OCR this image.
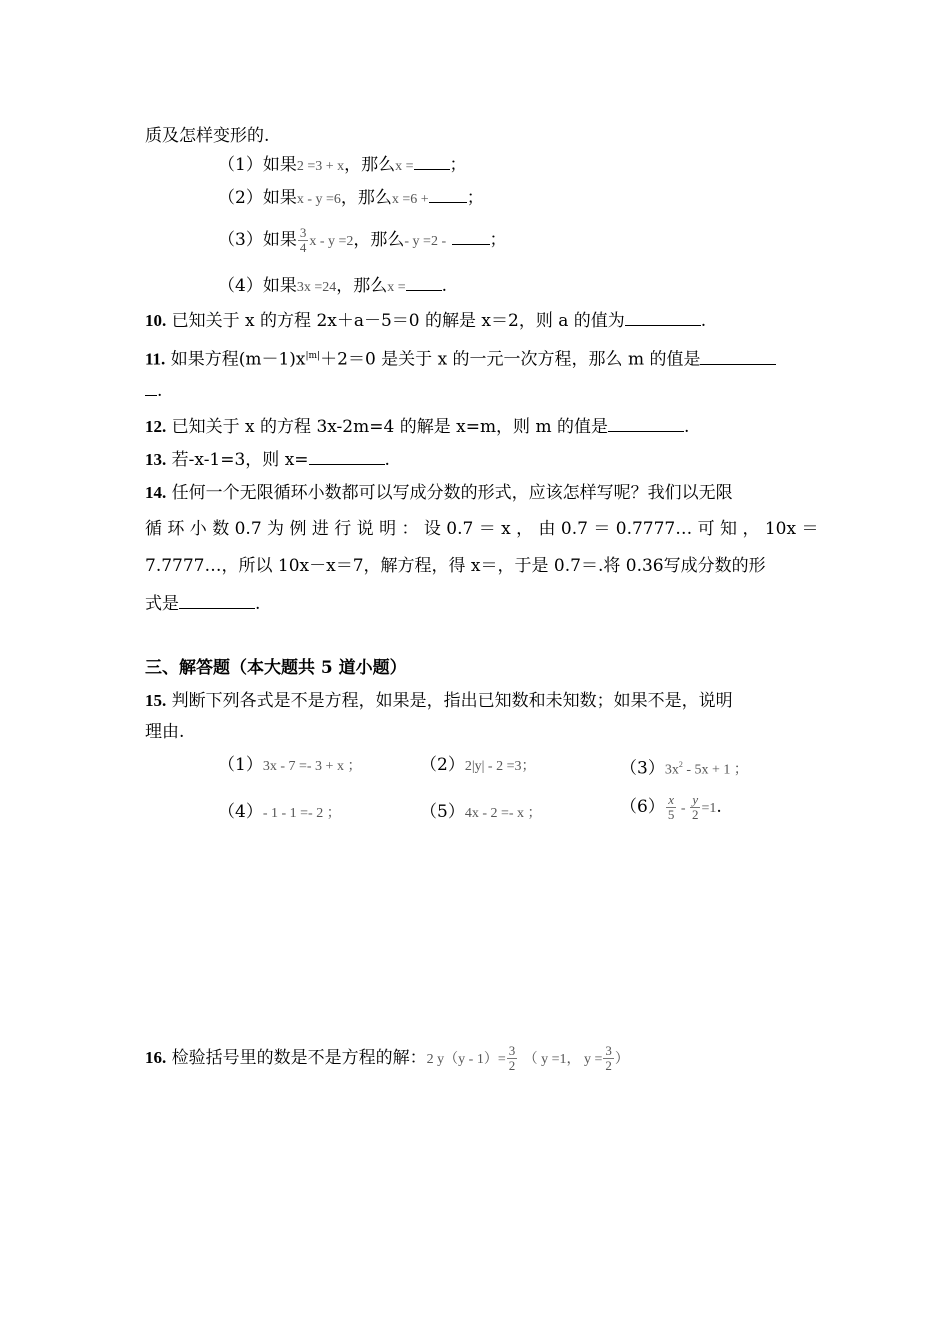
质及怎样变形的.
（1）如果2 =3 + x，那么x = ；
（2）如果x - y =6，那么x =6 + ；
（3）如果 $\frac{3}{4}$ x - y =2，那么- y =2 -	；
（4）如果3x =24，那么x = .
10. 已知关于 x 的方程 2x＋a－5＝0 的解是 x＝2，则 a 的值为	.
11. 如果方程$(m-1)x^{|m|}+2=0$ 是关于 x 的一元一次方程，那么 m 的值是
.
12. 已知关于 x 的方程 3x-2m=4 的解是 x=m，则 m 的值是	.
13. 若-x-1=3，则 x=	.
14. 任何一个无限循环小数都可以写成分数的形式，应该怎样写呢？我们以无限
循 环 小 数 0.7 为 例 进 行 说 明 ： 设 0.7 ＝ x ， 由 0.7 ＝ 0.7777… 可 知 ， 10x ＝
7.7777…，所以 10x－x＝7，解方程，得 x＝，于是 0.7＝.将 0.36写成分数的形
式是	.
三、解答题（本大题共 5 道小题）
15. 判断下列各式是不是方程，如果是，指出已知数和未知数；如果不是，说明
理由.
（1）3x - 7 =- 3 + x ；	（2）2|y| - 2 =3；	$(3)3x^2 - 5x + 1$ ；
（4）- 1 - 1 =- 2 ；	（5）4x - 2 =- x ；	$(6) \frac{x}{5} - \frac{y}{2} =1$.
16. 检验括号里的数是不是方程的解：2 $y(y - 1)= \frac{3}{2}$ （ y =1， $y = \frac{3}{2}$ ）
